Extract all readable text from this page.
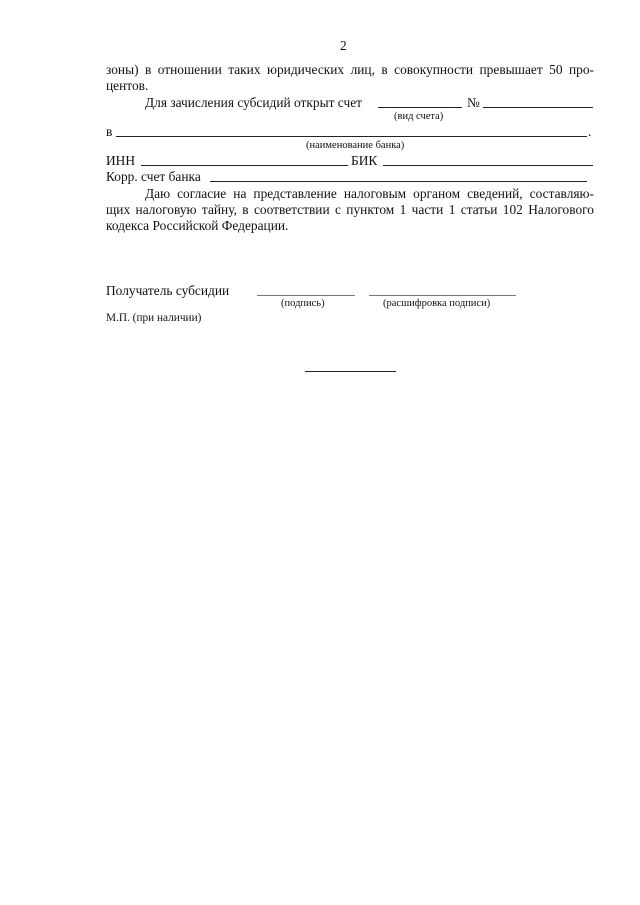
2
зоны) в отношении таких юридических лиц, в совокупности превышает 50 про-
центов.
Для зачисления субсидий открыт счет	№
(вид счета)
в	.
(наименование банка)
ИНН	БИК
Корр. счет банка
Даю согласие на представление налоговым органом сведений, составляю-
щих налоговую тайну, в соответствии с пунктом 1 части 1 статьи 102 Налогового
кодекса Российской Федерации.
Получатель субсидии
(подпись)	(расшифровка подписи)
М.П. (при наличии)
